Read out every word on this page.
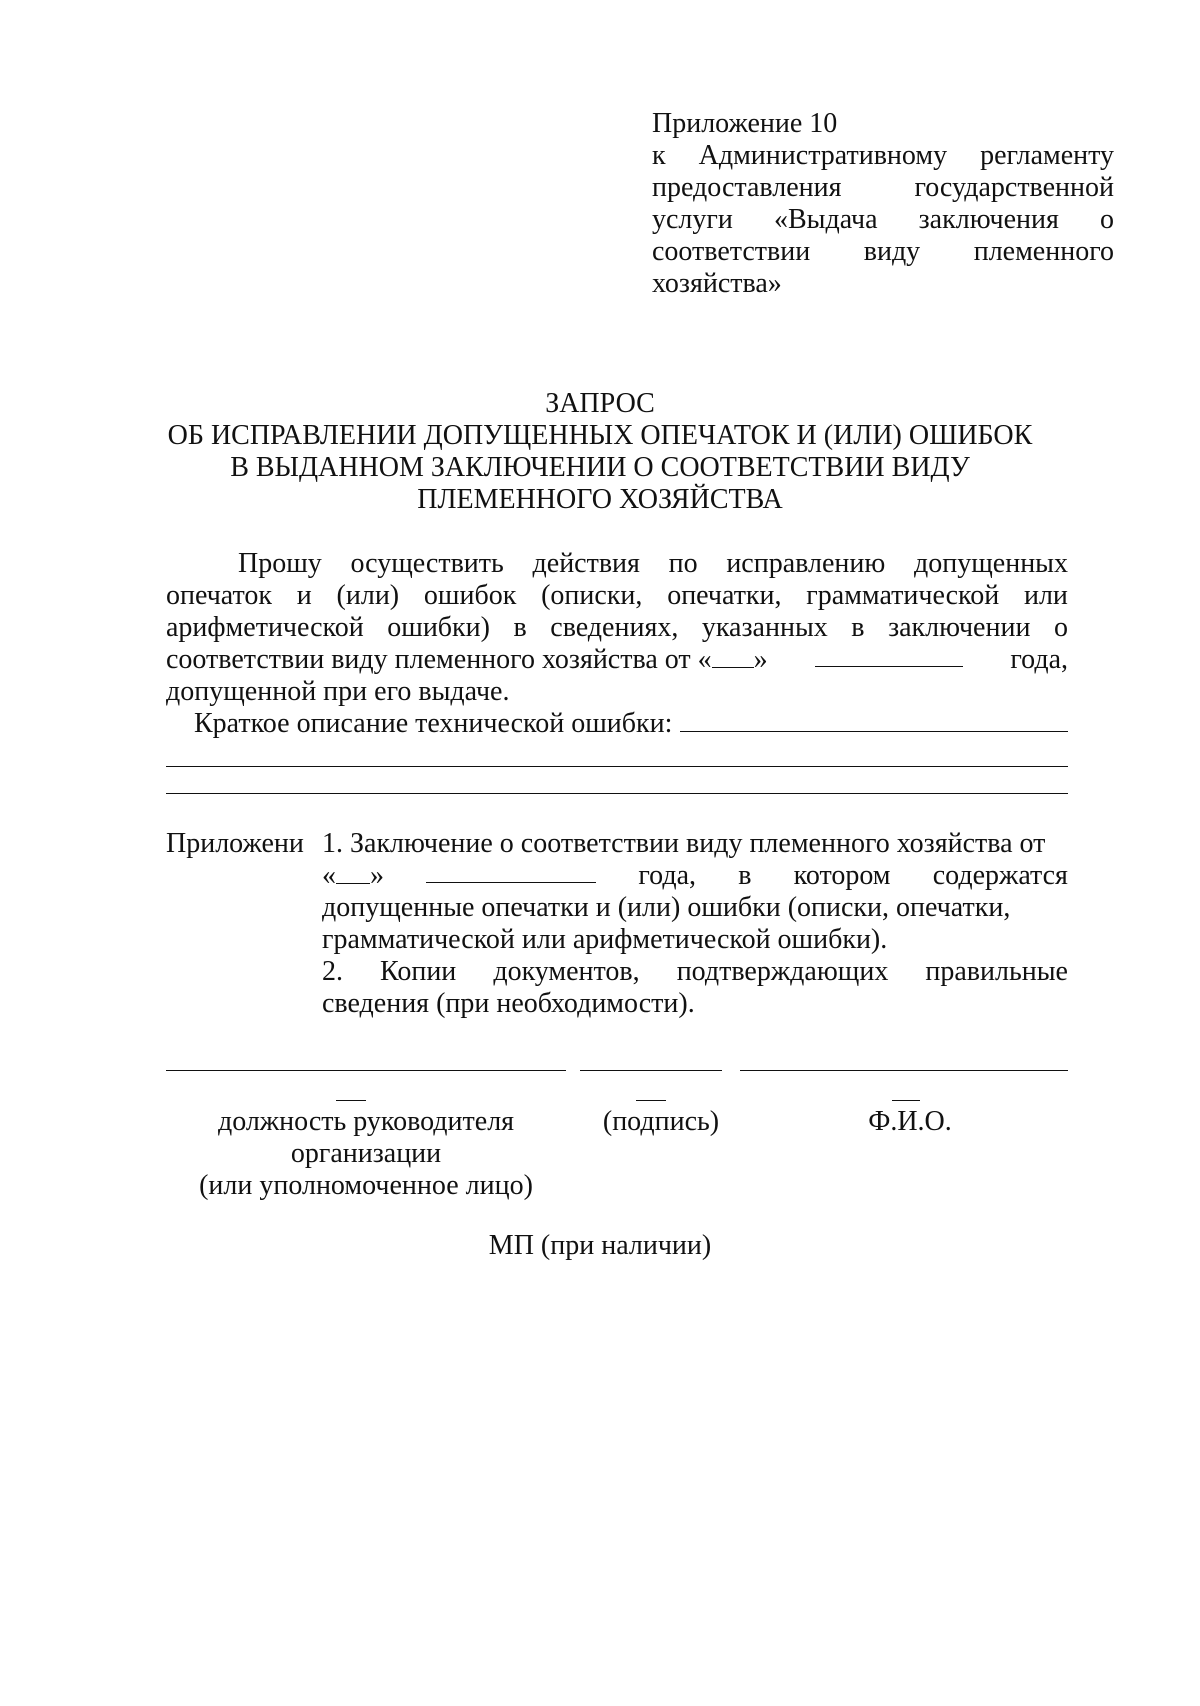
Приложение 10
к Административному регламенту
предоставления	государственной
услуги «Выдача заключения о
соответствии виду племенного
хозяйства»
ЗАПРОС
ОБ ИСПРАВЛЕНИИ ДОПУЩЕННЫХ ОПЕЧАТОК И (ИЛИ) ОШИБОК
В ВЫДАННОМ ЗАКЛЮЧЕНИИ О СООТВЕТСТВИИ ВИДУ
ПЛЕМЕННОГО ХОЗЯЙСТВА
Прошу осуществить действия по исправлению допущенных
опечаток и (или) ошибок (описки, опечатки, грамматической или
арифметической ошибки) в сведениях, указанных в заключении о
соответствии виду племенного хозяйства от « »	года,
допущенной при его выдаче.
Краткое описание технической ошибки:
Приложени 1. Заключение о соответствии виду племенного хозяйства от
« »	года, в котором содержатся
допущенные опечатки и (или) ошибки (описки, опечатки,
грамматической или арифметической ошибки).
2. Копии документов, подтверждающих правильные
сведения (при необходимости).
должность руководителя
организации
(или уполномоченное лицо)
(подпись)	Ф.И.О.
МП (при наличии)
